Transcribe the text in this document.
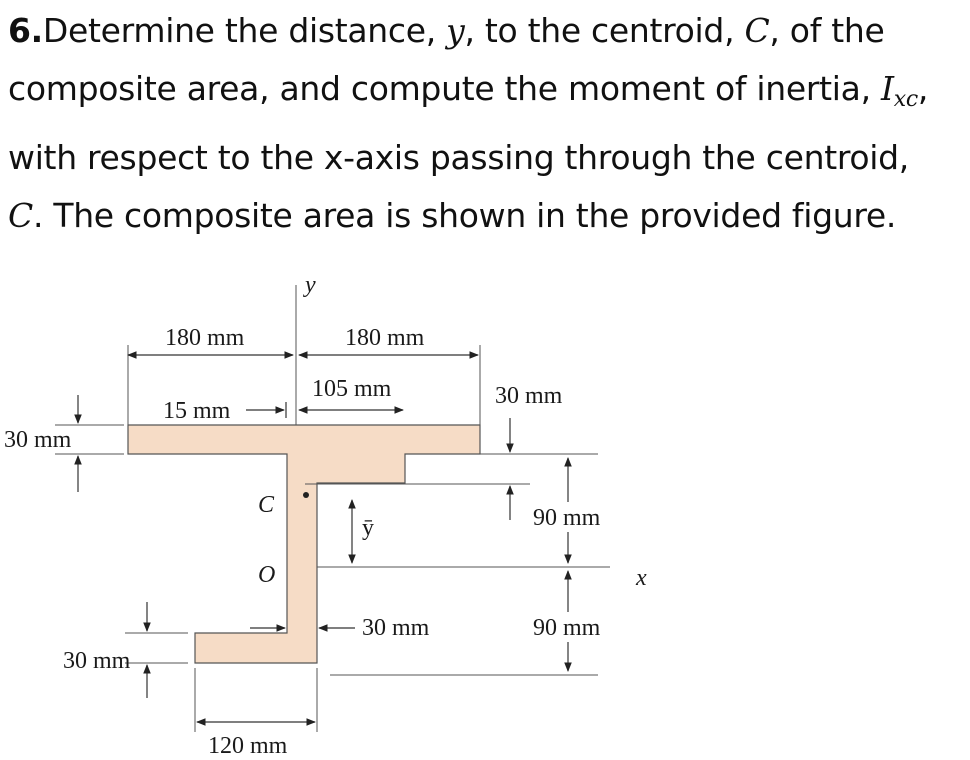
6.Determine the distance, y, to the centroid, C, of the
composite area, and compute the moment of inertia, $I_{xc}$,
with respect to the x-axis passing through the centroid,
C. The composite area is shown in the provided figure.
y
x
C
O
180 mm	180 mm
105 mm
15 mm
30 mm
30 mm
90 mm
90 mm
ȳ
30 mm
30 mm
120 mm
